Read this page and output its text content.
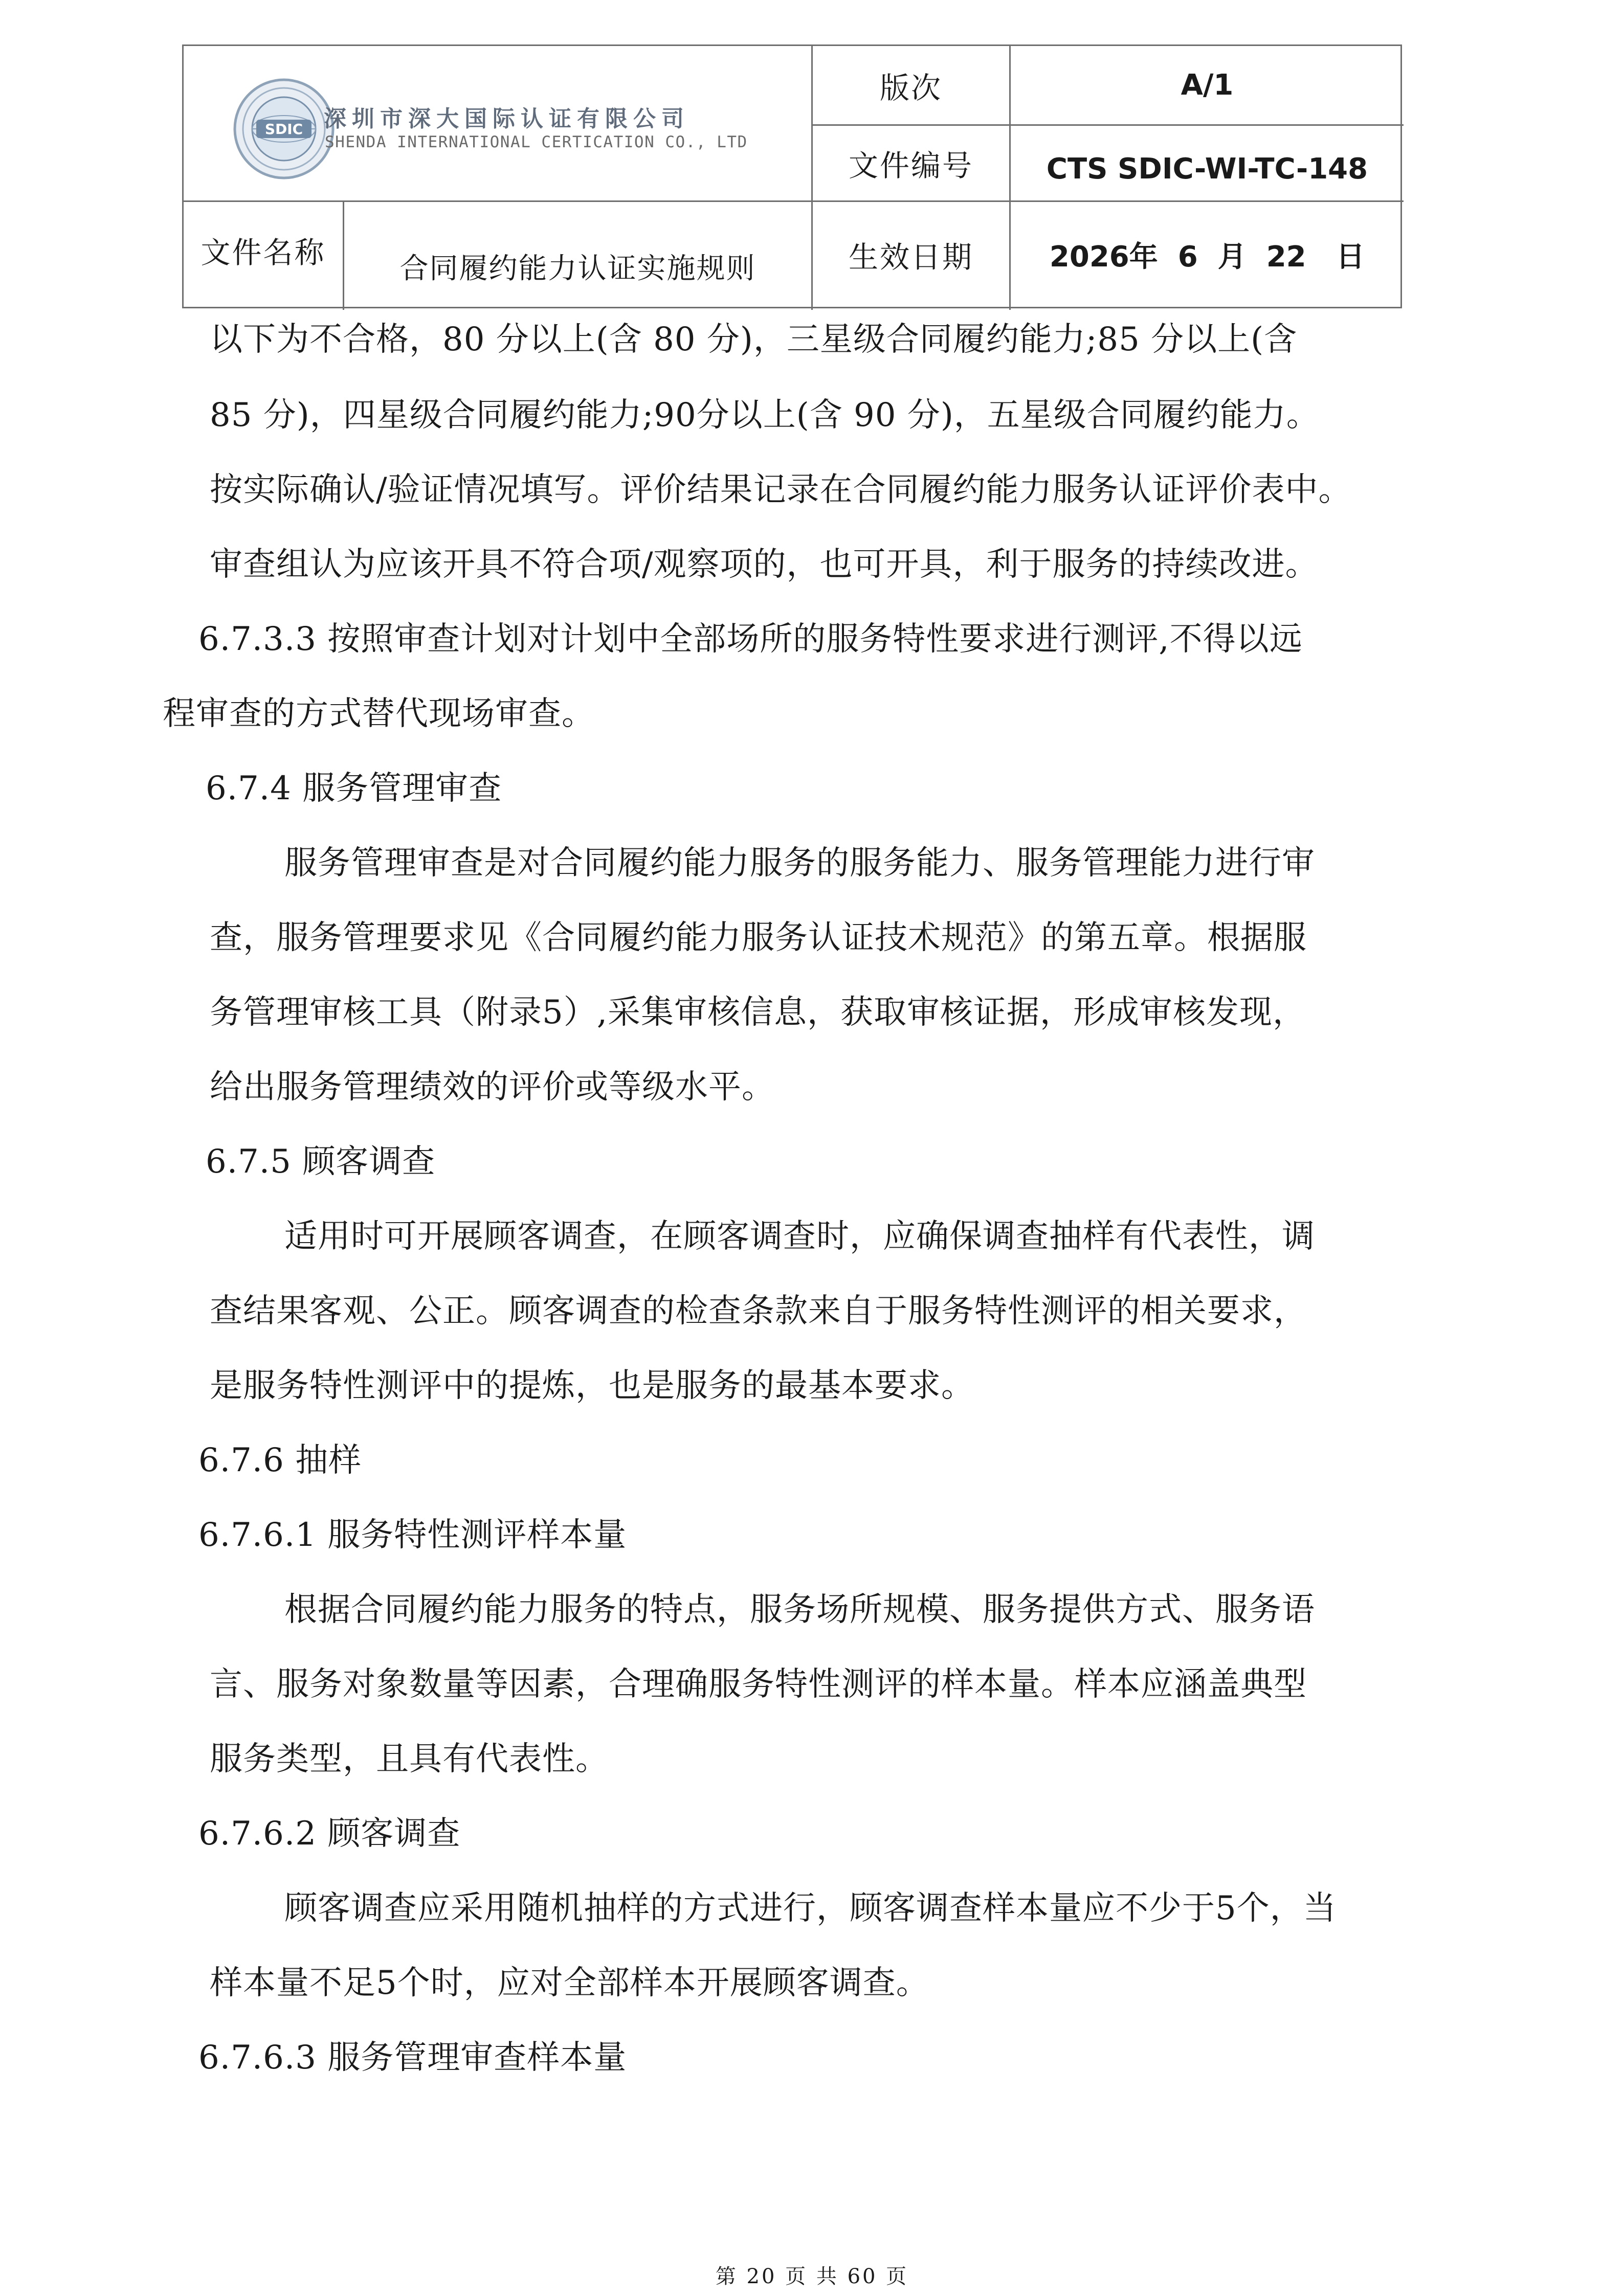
SDIC 深圳市深大国际认证有限公司
SHENDA INTERNATIONAL CERTICATION CO., LTD
版次	A/1
文件编号	CTS SDIC-WI-TC-148
文件名称	合同履约能力认证实施规则	生效日期	2026年  6  月  22   日
以下为不合格，80 分以上(含 80 分)，三星级合同履约能力;85 分以上(含
85 分)，四星级合同履约能力;90分以上(含 90 分)，五星级合同履约能力。
按实际确认/验证情况填写。评价结果记录在合同履约能力服务认证评价表中。
审查组认为应该开具不符合项/观察项的，也可开具，利于服务的持续改进。
6.7.3.3 按照审查计划对计划中全部场所的服务特性要求进行测评,不得以远
程审查的方式替代现场审查。
6.7.4 服务管理审查
服务管理审查是对合同履约能力服务的服务能力、服务管理能力进行审
查，服务管理要求见《合同履约能力服务认证技术规范》的第五章。根据服
务管理审核工具（附录5）,采集审核信息，获取审核证据，形成审核发现，
给出服务管理绩效的评价或等级水平。
6.7.5 顾客调查
适用时可开展顾客调查，在顾客调查时，应确保调查抽样有代表性，调
查结果客观、公正。顾客调查的检查条款来自于服务特性测评的相关要求，
是服务特性测评中的提炼，也是服务的最基本要求。
6.7.6 抽样
6.7.6.1 服务特性测评样本量
根据合同履约能力服务的特点，服务场所规模、服务提供方式、服务语
言、服务对象数量等因素，合理确服务特性测评的样本量。样本应涵盖典型
服务类型，且具有代表性。
6.7.6.2 顾客调查
顾客调查应采用随机抽样的方式进行，顾客调查样本量应不少于5个，当
样本量不足5个时，应对全部样本开展顾客调查。
6.7.6.3 服务管理审查样本量
第 20 页 共 60 页
